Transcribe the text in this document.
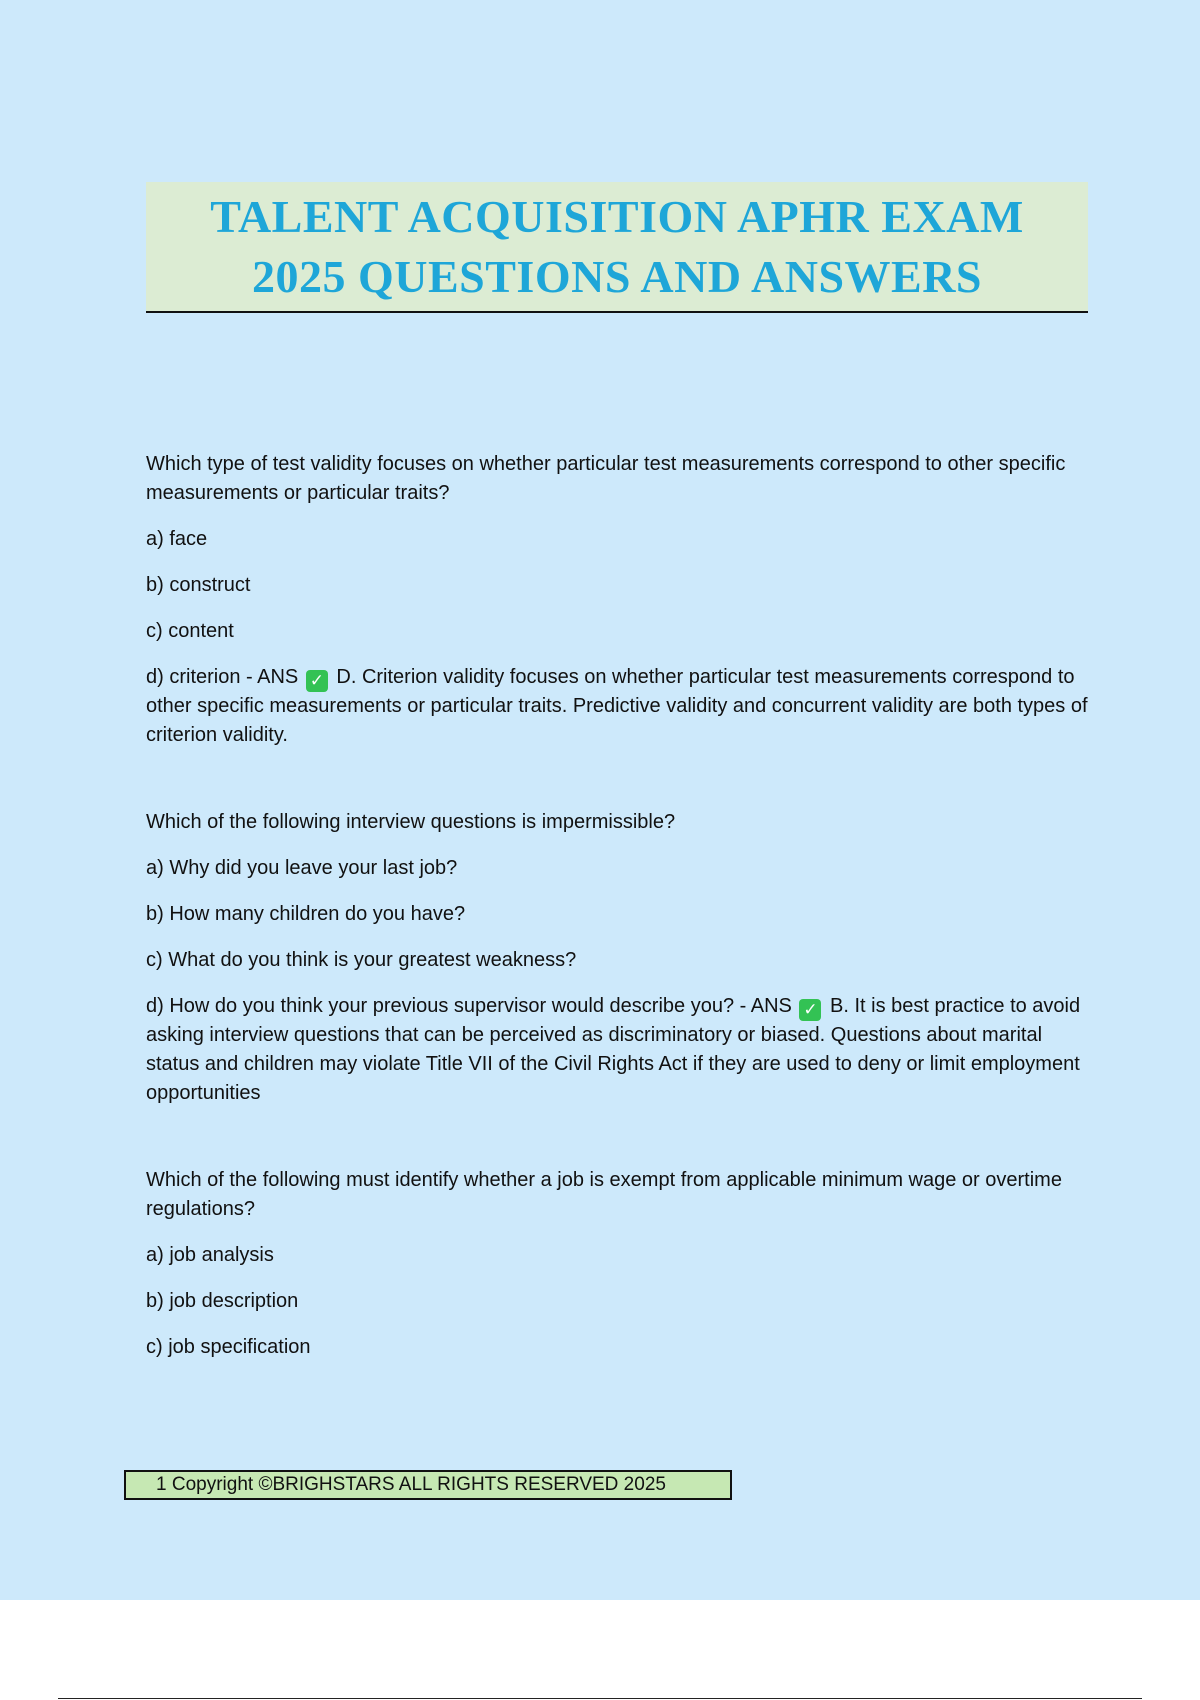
TALENT ACQUISITION APHR EXAM
2025 QUESTIONS AND ANSWERS

Which type of test validity focuses on whether particular test measurements correspond to other specific measurements or particular traits?

a) face

b) construct

c) content

d) criterion - ANS ✓ D. Criterion validity focuses on whether particular test measurements correspond to other specific measurements or particular traits. Predictive validity and concurrent validity are both types of criterion validity.

Which of the following interview questions is impermissible?

a) Why did you leave your last job?

b) How many children do you have?

c) What do you think is your greatest weakness?

d) How do you think your previous supervisor would describe you? - ANS ✓ B. It is best practice to avoid asking interview questions that can be perceived as discriminatory or biased. Questions about marital status and children may violate Title VII of the Civil Rights Act if they are used to deny or limit employment opportunities

Which of the following must identify whether a job is exempt from applicable minimum wage or overtime regulations?

a) job analysis

b) job description

c) job specification

1 Copyright ©BRIGHSTARS ALL RIGHTS RESERVED 2025
